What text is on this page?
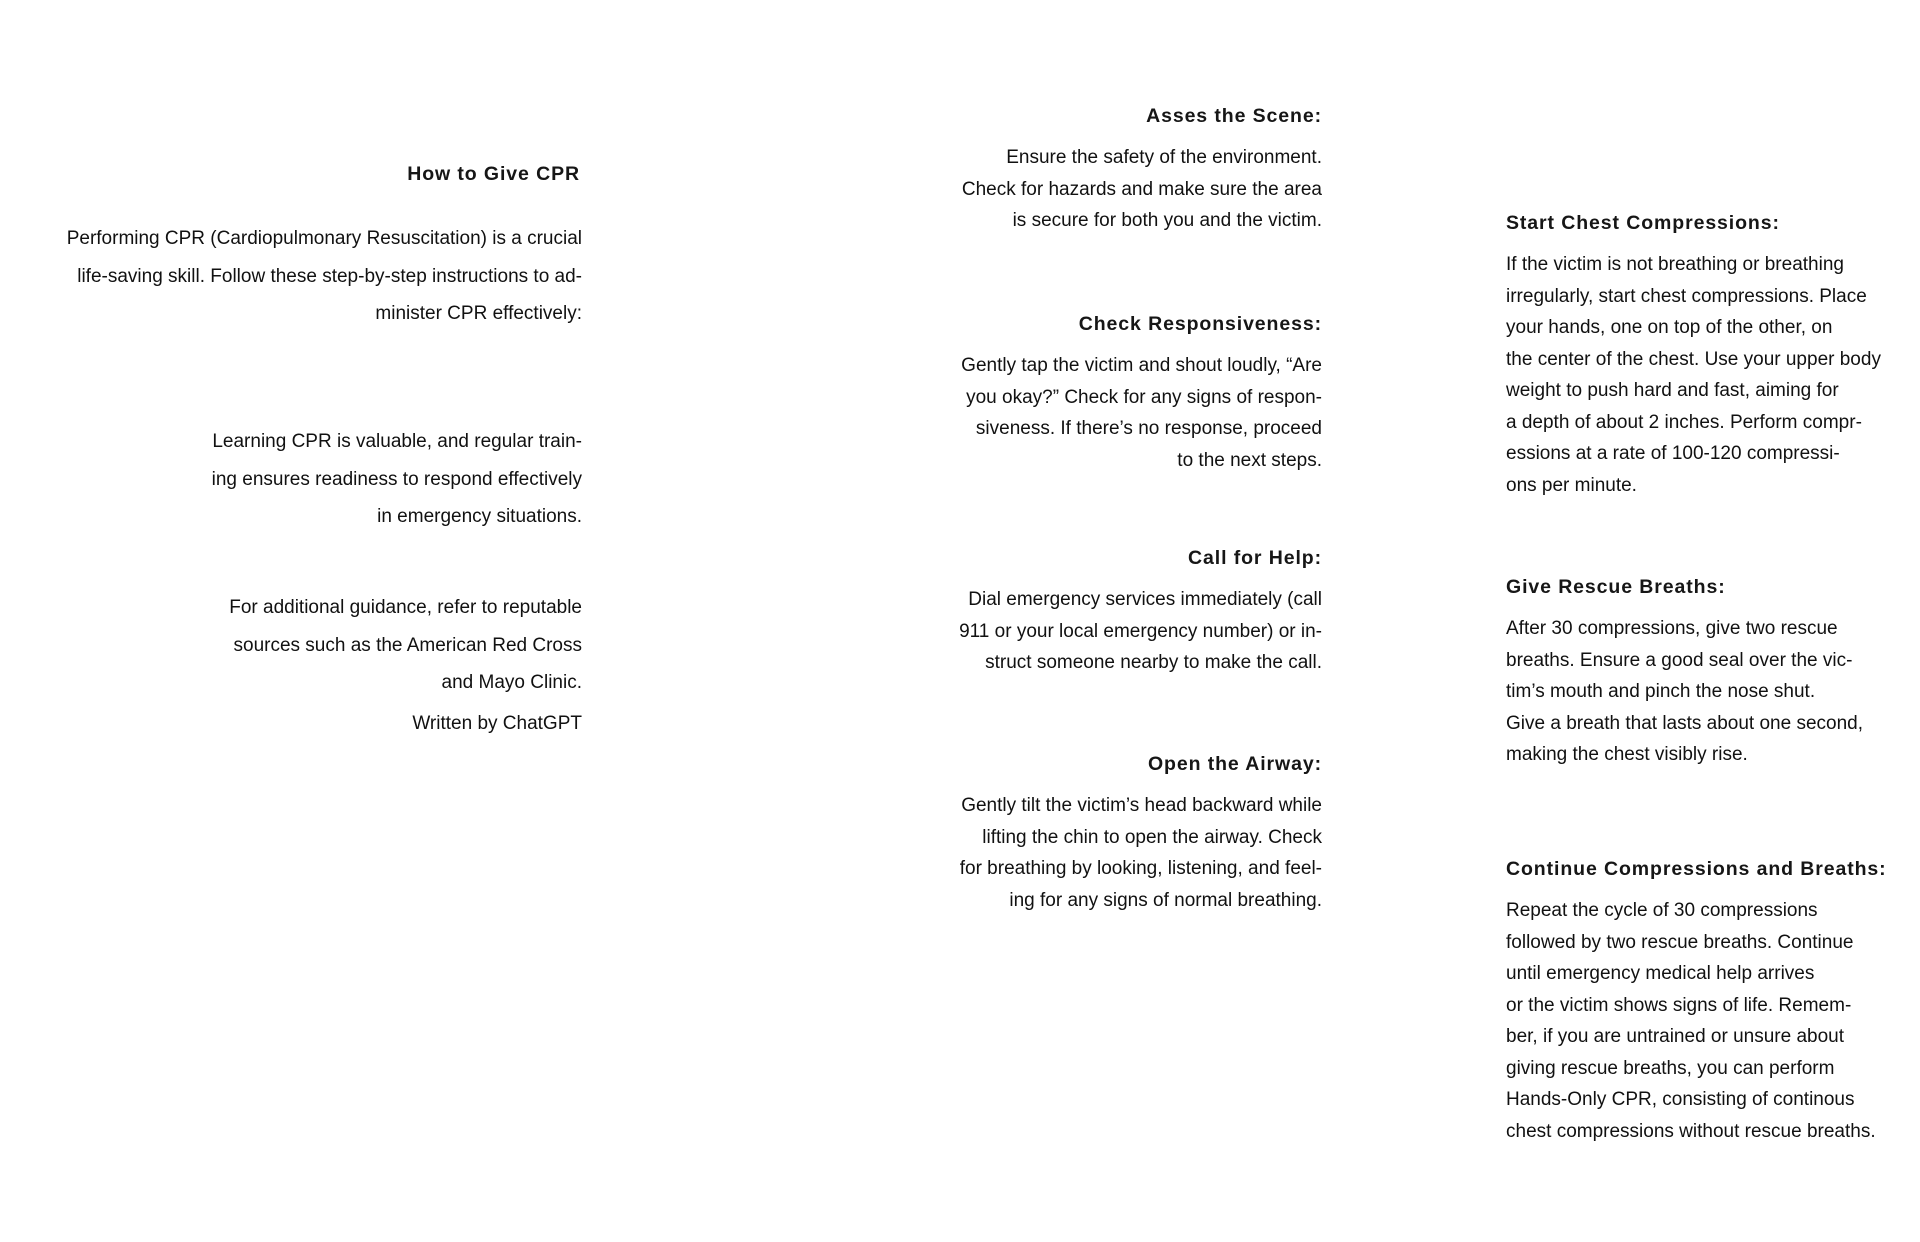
How to Give CPR

Performing CPR (Cardiopulmonary Resuscitation) is a crucial
life-saving skill. Follow these step-by-step instructions to ad-
minister CPR effectively:

Learning CPR is valuable, and regular train-
ing ensures readiness to respond effectively
in emergency situations.

For additional guidance, refer to reputable
sources such as the American Red Cross
and Mayo Clinic.

Written by ChatGPT

Asses the Scene:

Ensure the safety of the environment.
Check for hazards and make sure the area
is secure for both you and the victim.

Check Responsiveness:

Gently tap the victim and shout loudly, “Are
you okay?” Check for any signs of respon-
siveness. If there’s no response, proceed
to the next steps.

Call for Help:

Dial emergency services immediately (call
911 or your local emergency number) or in-
struct someone nearby to make the call.

Open the Airway:

Gently tilt the victim’s head backward while
lifting the chin to open the airway. Check
for breathing by looking, listening, and feel-
ing for any signs of normal breathing.

Start Chest Compressions:

If the victim is not breathing or breathing
irregularly, start chest compressions. Place
your hands, one on top of the other, on
the center of the chest. Use your upper body
weight to push hard and fast, aiming for
a depth of about 2 inches. Perform compr-
essions at a rate of 100-120 compressi-
ons per minute.

Give Rescue Breaths:

After 30 compressions, give two rescue
breaths. Ensure a good seal over the vic-
tim’s mouth and pinch the nose shut.
Give a breath that lasts about one second,
making the chest visibly rise.

Continue Compressions and Breaths:

Repeat the cycle of 30 compressions
followed by two rescue breaths. Continue
until emergency medical help arrives
or the victim shows signs of life. Remem-
ber, if you are untrained or unsure about
giving rescue breaths, you can perform
Hands-Only CPR, consisting of continous
chest compressions without rescue breaths.
